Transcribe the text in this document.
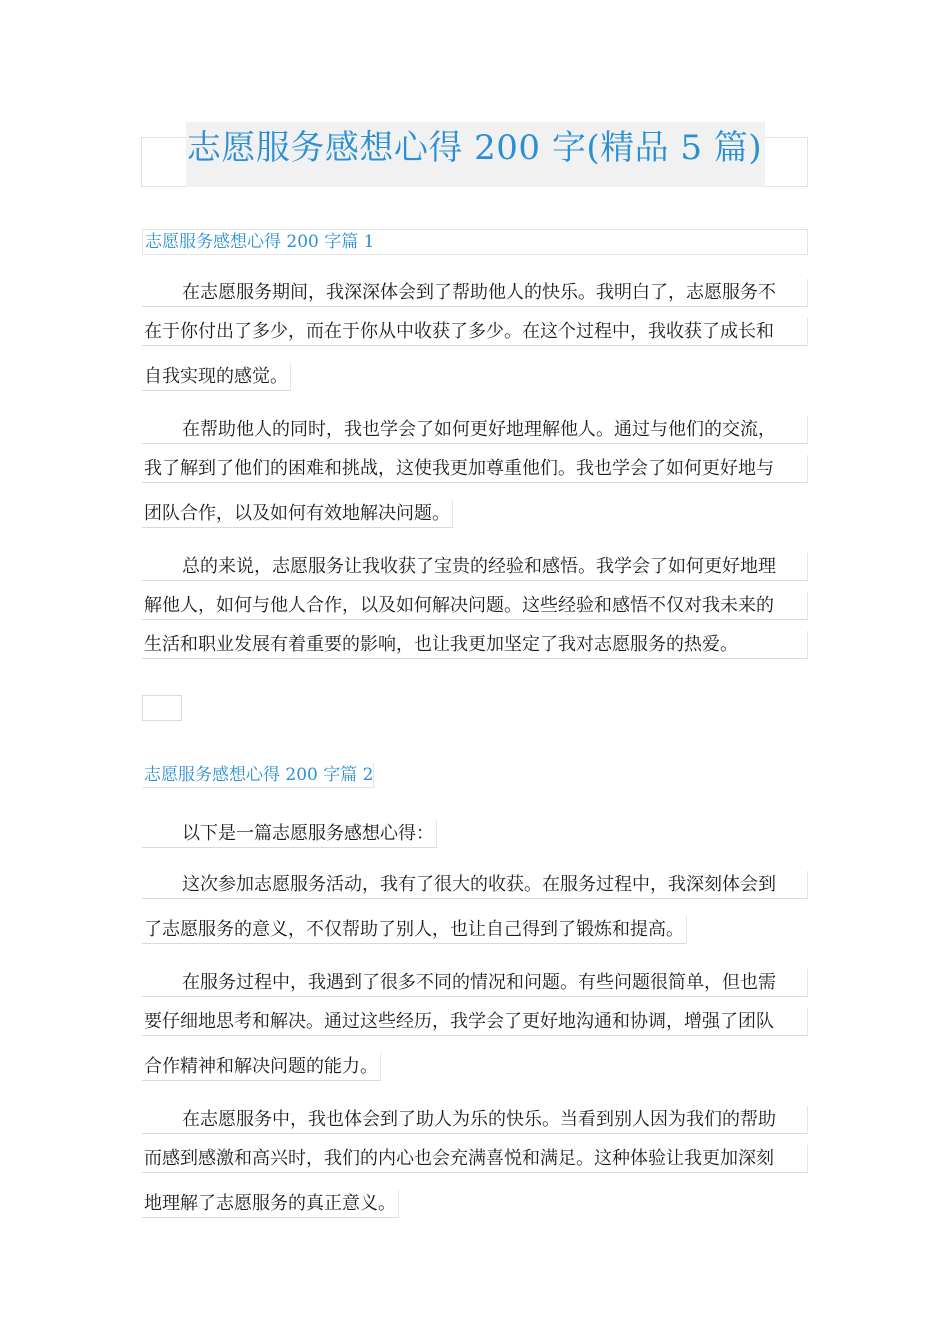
志愿服务感想心得 200 字(精品 5 篇)
志愿服务感想心得 200 字篇 1
在志愿服务期间，我深深体会到了帮助他人的快乐。我明白了，志愿服务不
在于你付出了多少，而在于你从中收获了多少。在这个过程中，我收获了成长和
自我实现的感觉。
在帮助他人的同时，我也学会了如何更好地理解他人。通过与他们的交流，
我了解到了他们的困难和挑战，这使我更加尊重他们。我也学会了如何更好地与
团队合作，以及如何有效地解决问题。
总的来说，志愿服务让我收获了宝贵的经验和感悟。我学会了如何更好地理
解他人，如何与他人合作，以及如何解决问题。这些经验和感悟不仅对我未来的
生活和职业发展有着重要的影响，也让我更加坚定了我对志愿服务的热爱。
志愿服务感想心得 200 字篇 2
以下是一篇志愿服务感想心得：
这次参加志愿服务活动，我有了很大的收获。在服务过程中，我深刻体会到
了志愿服务的意义，不仅帮助了别人，也让自己得到了锻炼和提高。
在服务过程中，我遇到了很多不同的情况和问题。有些问题很简单，但也需
要仔细地思考和解决。通过这些经历，我学会了更好地沟通和协调，增强了团队
合作精神和解决问题的能力。
在志愿服务中，我也体会到了助人为乐的快乐。当看到别人因为我们的帮助
而感到感激和高兴时，我们的内心也会充满喜悦和满足。这种体验让我更加深刻
地理解了志愿服务的真正意义。
